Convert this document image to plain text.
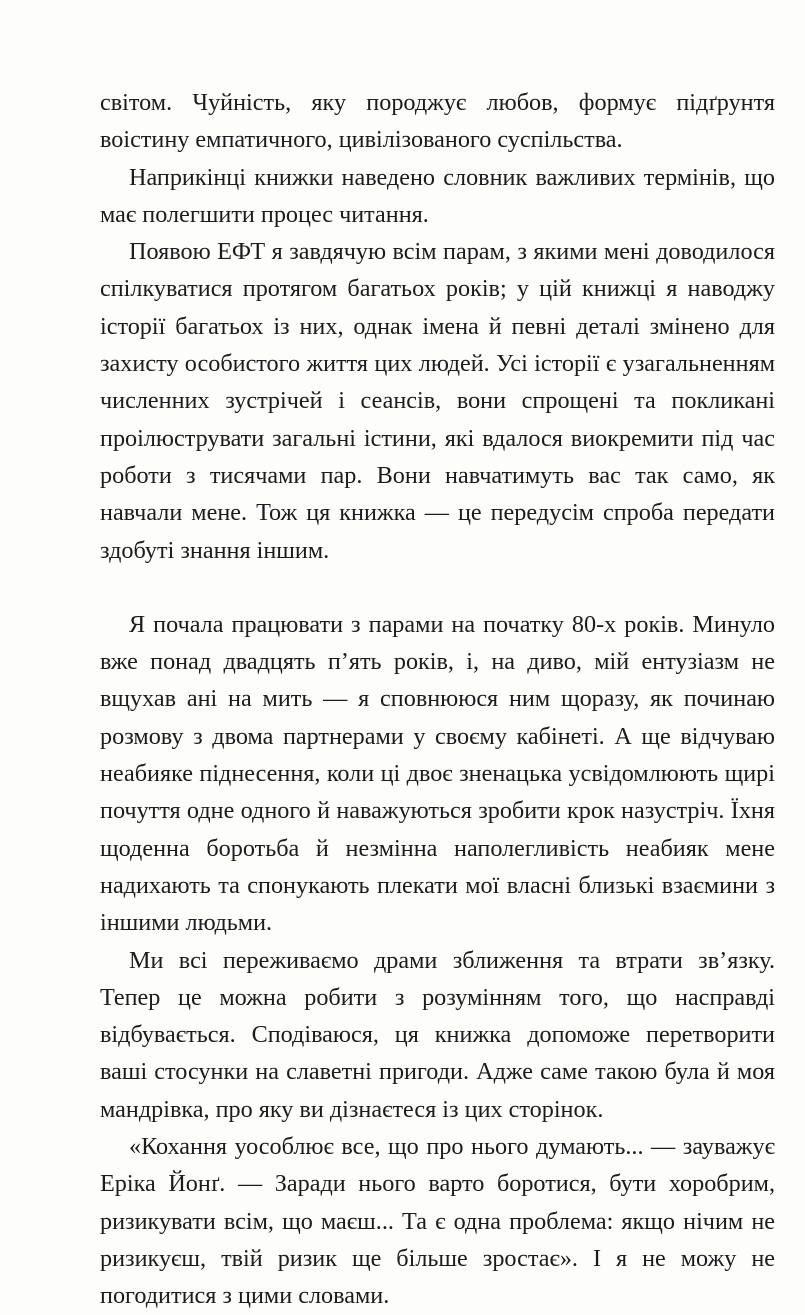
світом. Чуйність, яку породжує любов, формує підґрунтя воістину емпатичного, цивілізованого суспільства.

Наприкінці книжки наведено словник важливих термінів, що має полегшити процес читання.

Появою ЕФТ я завдячую всім парам, з якими мені доводилося спілкуватися протягом багатьох років; у цій книжці я наводжу історії багатьох із них, однак імена й певні деталі змінено для захисту особистого життя цих людей. Усі історії є узагальненням численних зустрічей і сеансів, вони спрощені та покликані проілюструвати загальні істини, які вдалося виокремити під час роботи з тисячами пар. Вони навчатимуть вас так само, як навчали мене. Тож ця книжка — це передусім спроба передати здобуті знання іншим.

Я почала працювати з парами на початку 80-х років. Минуло вже понад двадцять п’ять років, і, на диво, мій ентузіазм не вщухав ані на мить — я сповнююся ним щоразу, як починаю розмову з двома партнерами у своєму кабінеті. А ще відчуваю неабияке піднесення, коли ці двоє зненацька усвідомлюють щирі почуття одне одного й наважуються зробити крок назустріч. Їхня щоденна боротьба й незмінна наполегливість неабияк мене надихають та спонукають плекати мої власні близькі взаємини з іншими людьми.

Ми всі переживаємо драми зближення та втрати зв’язку. Тепер це можна робити з розумінням того, що насправді відбувається. Сподіваюся, ця книжка допоможе перетворити ваші стосунки на славетні пригоди. Адже саме такою була й моя мандрівка, про яку ви дізнаєтеся із цих сторінок.

«Кохання уособлює все, що про нього думають... — зауважує Еріка Йонґ. — Заради нього варто боротися, бути хоробрим, ризикувати всім, що маєш... Та є одна проблема: якщо нічим не ризикуєш, твій ризик ще більше зростає». І я не можу не погодитися з цими словами.
